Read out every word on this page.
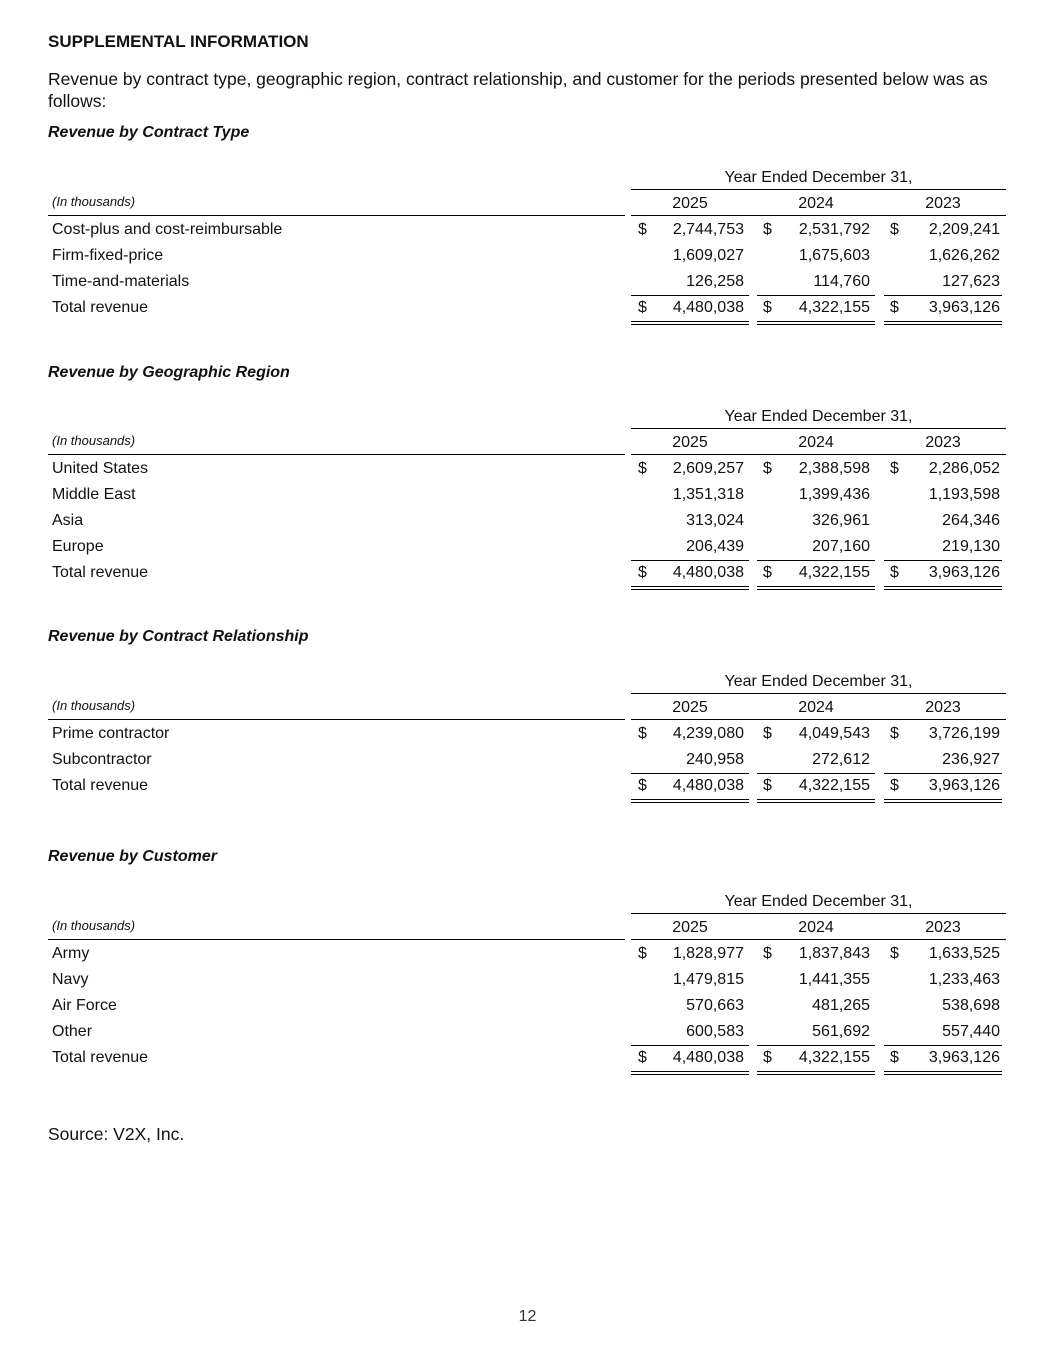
SUPPLEMENTAL INFORMATION

Revenue by contract type, geographic region, contract relationship, and customer for the periods presented below was as follows:

Revenue by Contract Type
Year Ended December 31,
(In thousands)	2025	2024	2023
Cost-plus and cost-reimbursable	$	2,744,753 $	2,531,792 $	2,209,241
Firm-fixed-price	1,609,027	1,675,603	1,626,262
Time-and-materials	126,258	114,760	127,623
Total revenue	$	4,480,038 $	4,322,155 $	3,963,126
Revenue by Geographic Region
Year Ended December 31,
(In thousands)	2025	2024	2023
United States	$	2,609,257 $	2,388,598 $	2,286,052
Middle East	1,351,318	1,399,436	1,193,598
Asia	313,024	326,961	264,346
Europe	206,439	207,160	219,130
Total revenue	$	4,480,038 $	4,322,155 $	3,963,126
Revenue by Contract Relationship
Year Ended December 31,
(In thousands)	2025	2024	2023
Prime contractor	$	4,239,080 $	4,049,543 $	3,726,199
Subcontractor	240,958	272,612	236,927
Total revenue	$	4,480,038 $	4,322,155 $	3,963,126
Revenue by Customer
Year Ended December 31,
(In thousands)	2025	2024	2023
Army	$	1,828,977 $	1,837,843 $	1,633,525
Navy	1,479,815	1,441,355	1,233,463
Air Force	570,663	481,265	538,698
Other	600,583	561,692	557,440
Total revenue	$	4,480,038 $	4,322,155 $	3,963,126

Source: V2X, Inc.

12
